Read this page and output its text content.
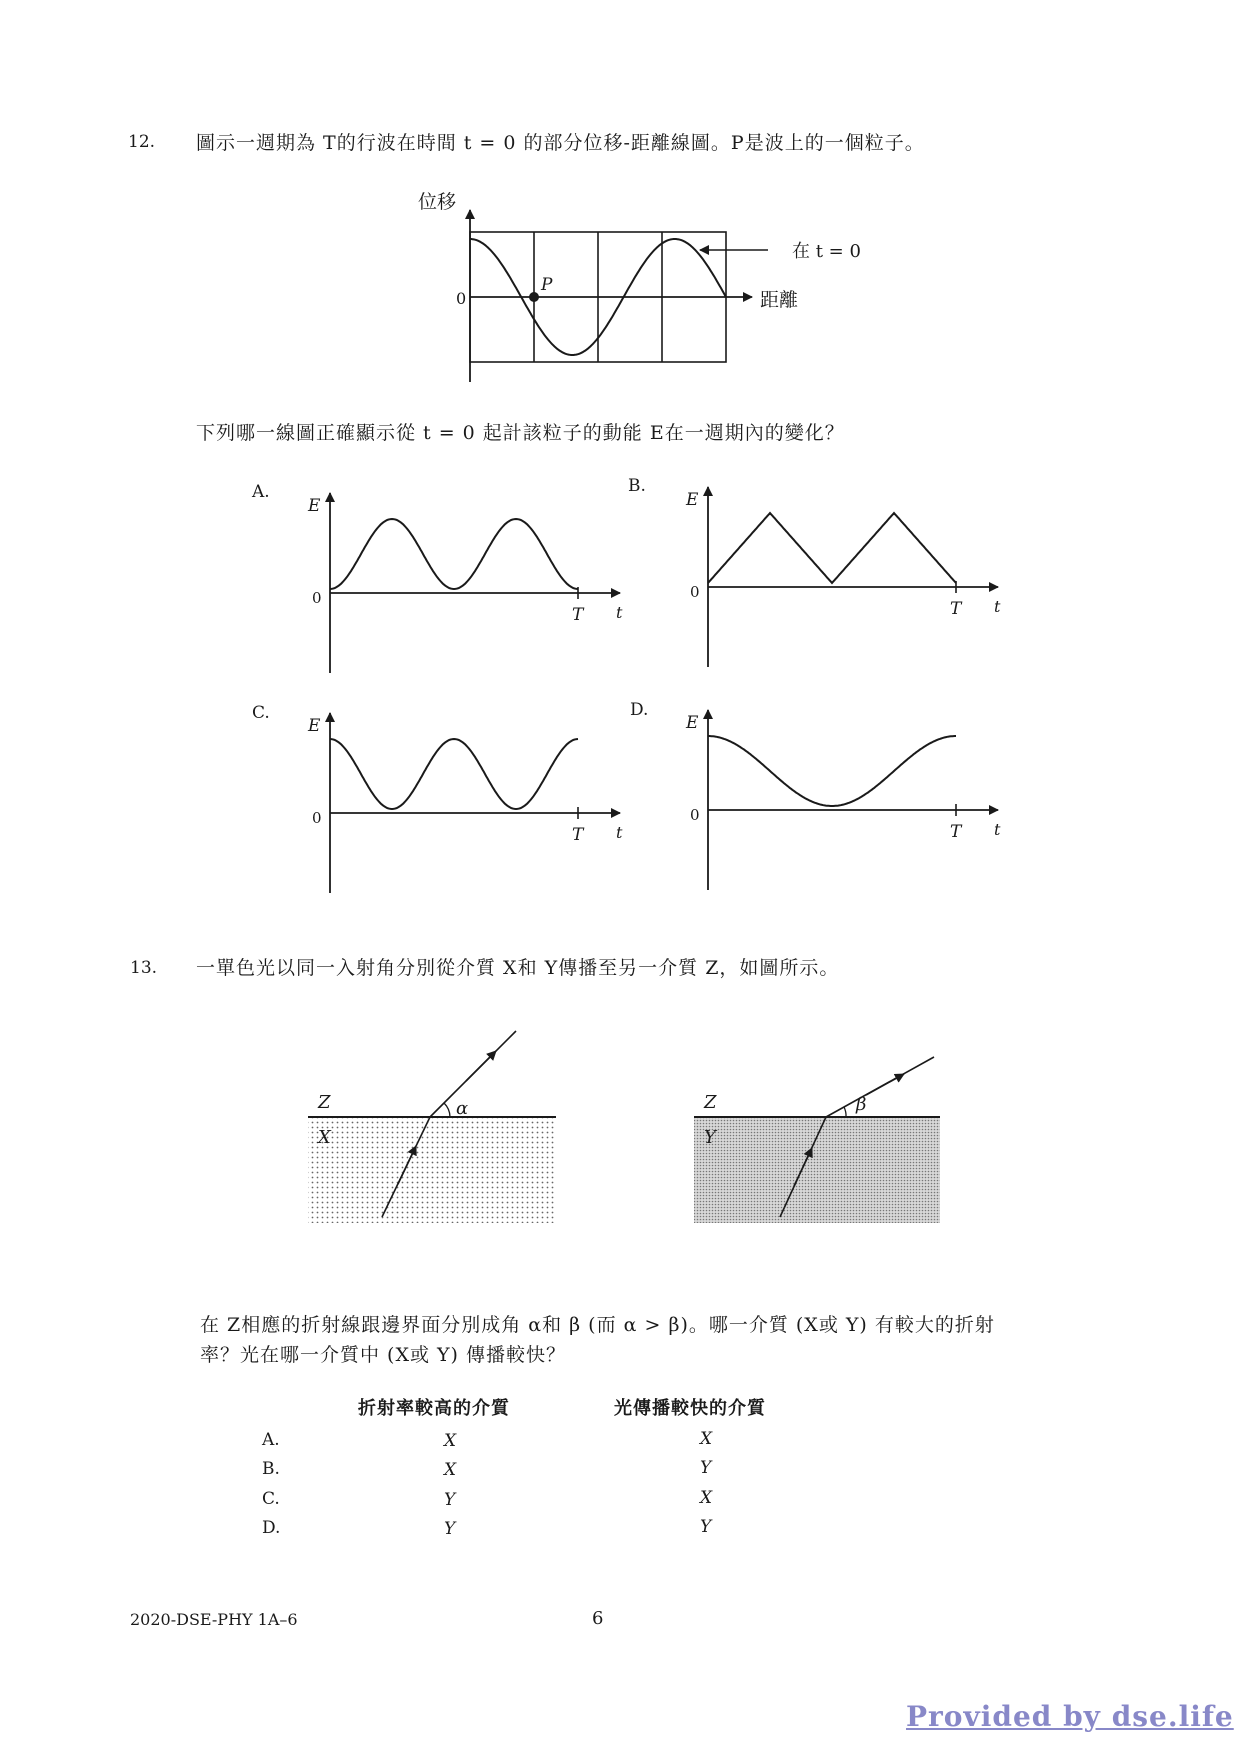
12. 圖示一週期為 T的行波在時間 t = 0 的部分位移-距離線圖。P是波上的一個粒子。
P
在 t = 0
位移
0	距離
E
0
T t
E
0
T t
E
0
T t
E
0
T t
Z
X
α	Z
Y
β
下列哪一線圖正確顯示從 t = 0 起計該粒子的動能 E在一週期內的變化？
A.	B.
C.	D.
13. 一單色光以同一入射角分別從介質 X和 Y傳播至另一介質 Z，如圖所示。
在 Z相應的折射線跟邊界面分別成角 α和 β (而 α > β)。哪一介質 (X或 Y) 有較大的折射
率？光在哪一介質中 (X或 Y) 傳播較快？
折射率較高的介質	光傳播較快的介質
A.	X	X
B.	X	Y
C.	Y	X
D.	Y	Y
2020-DSE-PHY 1A–6	6
Provided by dse.life
